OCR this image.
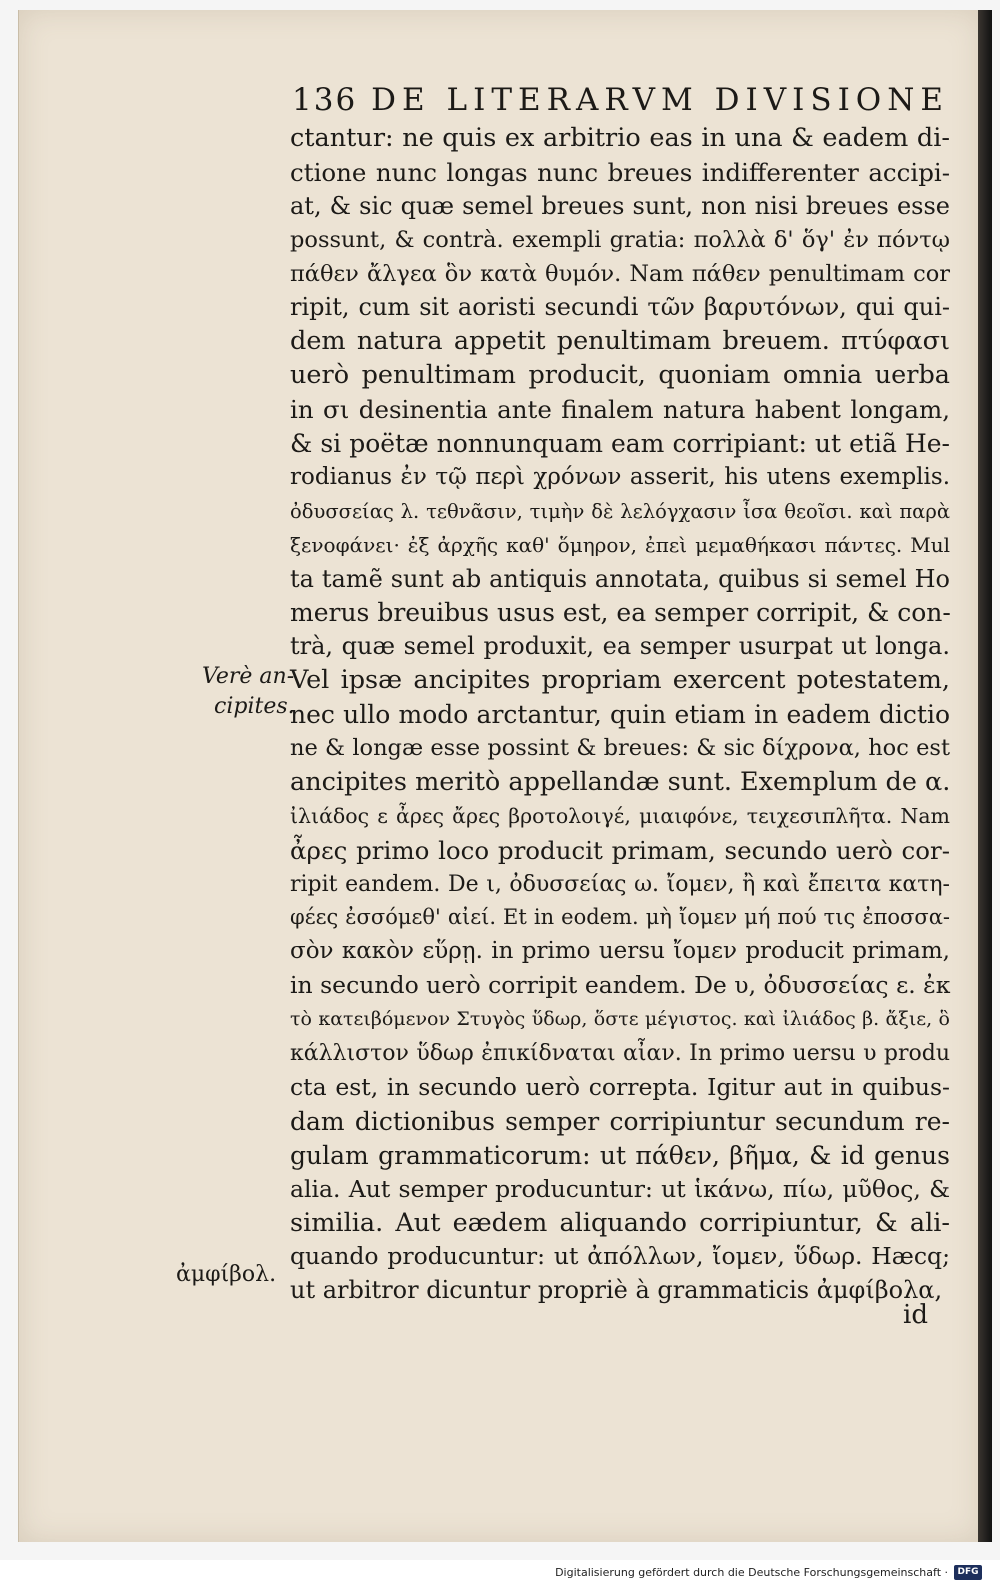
136 DE LITERARVM DIVISIONE
ctantur: ne quis ex arbitrio eas in una & eadem di-
ctione nunc longas nunc breues indifferenter accipi-
at, & sic quæ semel breues sunt, non nisi breues esse
possunt, & contrà. exempli gratia: πολλὰ δ' ὅγ' ἐν πόντῳ
πάθεν ἄλγεα ὃν κατὰ θυμόν. Nam πάθεν penultimam cor
ripit, cum sit aoristi secundi τῶν βαρυτόνων, qui qui-
dem natura appetit penultimam breuem. πτύφασι
uerò penultimam producit, quoniam omnia uerba
in σι desinentia ante finalem natura habent longam,
& si poëtæ nonnunquam eam corripiant: ut etiã He-
rodianus ἐν τῷ περὶ χρόνων asserit, his utens exemplis.
ὀδυσσείας λ. τεθνᾶσιν, τιμὴν δὲ λελόγχασιν ἶσα θεοῖσι. καὶ παρὰ
ξενοφάνει· ἐξ ἀρχῆς καθ' ὅμηρον, ἐπεὶ μεμαθήκασι πάντες. Mul
ta tamẽ sunt ab antiquis annotata, quibus si semel Ho
merus breuibus usus est, ea semper corripit, & con-
trà, quæ semel produxit, ea semper usurpat ut longa.
Vel ipsæ ancipites propriam exercent potestatem,
nec ullo modo arctantur, quin etiam in eadem dictio
ne & longæ esse possint & breues: & sic δίχρονα, hoc est
ancipites meritò appellandæ sunt. Exemplum de α.
ἰλιάδος ε ἆρες ἄρες βροτολοιγέ, μιαιφόνε, τειχεσιπλῆτα. Nam
ἆρες primo loco producit primam, secundo uerò cor-
ripit eandem. De ι, ὀδυσσείας ω. ἴομεν, ἢ καὶ ἔπειτα κατη-
φέες ἐσσόμεθ' αἰεί. Et in eodem. μὴ ἴομεν μή πού τις ἐποσσα-
σὸν κακὸν εὕρῃ. in primo uersu ἴομεν producit primam,
in secundo uerò corripit eandem. De υ, ὀδυσσείας ε. ἐκ
τὸ κατειβόμενον Στυγὸς ὕδωρ, ὅστε μέγιστος. καὶ ἰλιάδος β. ἄξιε, ὃ
κάλλιστον ὕδωρ ἐπικίδναται αἶαν. In primo uersu υ produ
cta est, in secundo uerò correpta. Igitur aut in quibus-
dam dictionibus semper corripiuntur secundum re-
gulam grammaticorum: ut πάθεν, βῆμα, & id genus
alia. Aut semper producuntur: ut ἱκάνω, πίω, μῦθος, &
similia. Aut eædem aliquando corripiuntur, & ali-
quando producuntur: ut ἀπόλλων, ἴομεν, ὕδωρ. Hæcq;
ut arbitror dicuntur propriè à grammaticis ἀμφίβολα,
id
Verè an-
cipites.
ἀμφίβολ.
Digitalisierung gefördert durch die Deutsche Forschungsgemeinschaft ·	DFG
